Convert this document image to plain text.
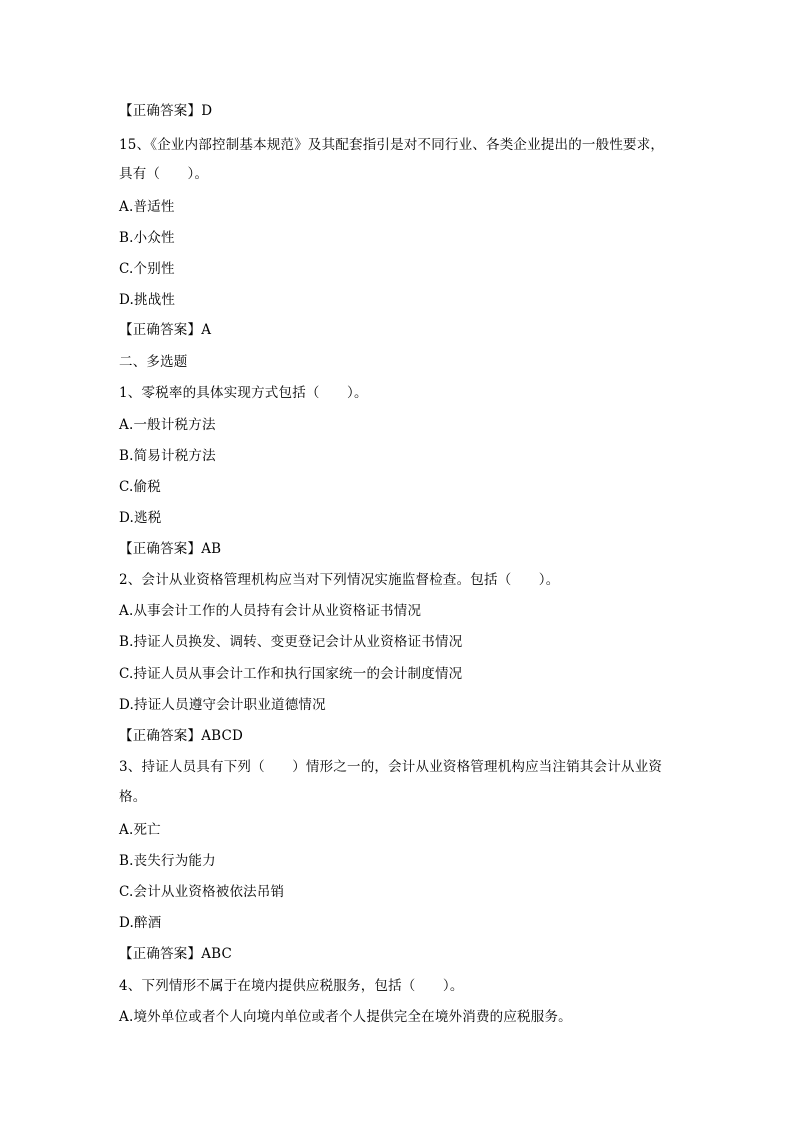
【正确答案】D
15、《企业内部控制基本规范》及其配套指引是对不同行业、各类企业提出的一般性要求，
具有（　　）。
A.普适性
B.小众性
C.个别性
D.挑战性
【正确答案】A
二、多选题
1、零税率的具体实现方式包括（　　）。
A.一般计税方法
B.简易计税方法
C.偷税
D.逃税
【正确答案】AB
2、会计从业资格管理机构应当对下列情况实施监督检查。包括（　　）。
A.从事会计工作的人员持有会计从业资格证书情况
B.持证人员换发、调转、变更登记会计从业资格证书情况
C.持证人员从事会计工作和执行国家统一的会计制度情况
D.持证人员遵守会计职业道德情况
【正确答案】ABCD
3、持证人员具有下列（　　）情形之一的，会计从业资格管理机构应当注销其会计从业资
格。
A.死亡
B.丧失行为能力
C.会计从业资格被依法吊销
D.醉酒
【正确答案】ABC
4、下列情形不属于在境内提供应税服务，包括（　　）。
A.境外单位或者个人向境内单位或者个人提供完全在境外消费的应税服务。
